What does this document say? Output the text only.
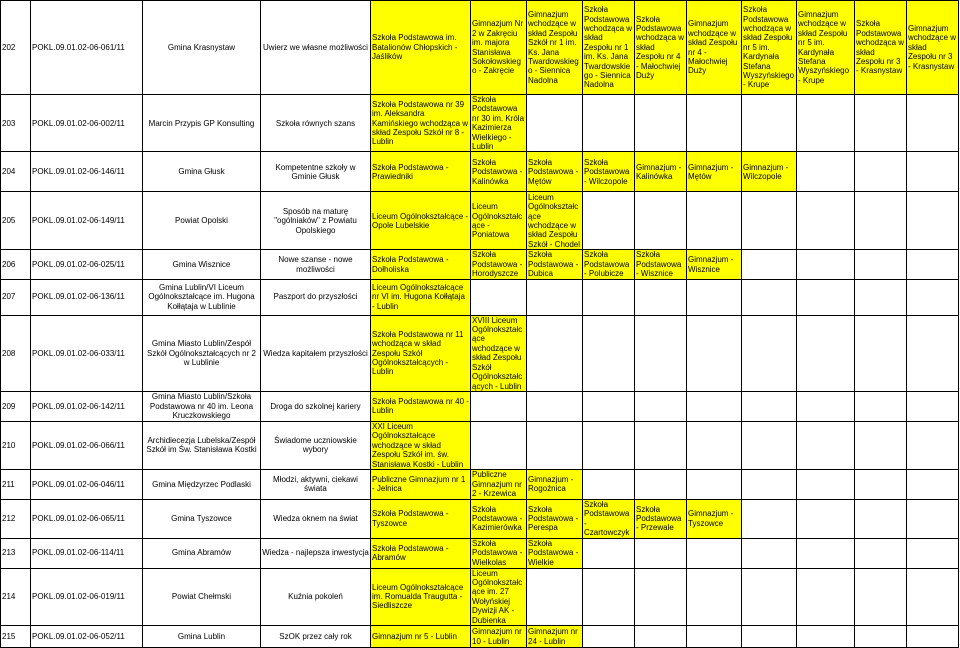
202	POKL.09.01.02-06-061/11	Gmina Krasnystaw	Uwierz we własne możliwości	Szkoła Podstawowa im. Batalionów Chłopskich - Jaślików	Gimnazjum Nr 2 w Zakręciu im. majora Stanisława Sokołowskiego - Zakręcie	Gimnazjum wchodzące w skład Zespołu Szkół nr 1 im. Ks. Jana Twardowskiego - Siennica Nadolna	Szkoła Podstawowa wchodząca w skład Zespołu nr 1 im. Ks. Jana Twardowskiego - Siennica Nadolna	Szkoła Podstawowa wchodząca w skład Zespołu nr 4 - Małochwiej Duży	Gimnazjum wchodzące w skład Zespołu nr 4 - Małochwiej Duży	Szkoła Podstawowa wchodząca w skład Zespołu nr 5 im. Kardynała Stefana Wyszyńskiego - Krupe	Gimnazjum wchodzące w skład Zespołu nr 5 im. Kardynała Stefana Wyszyńskiego - Krupe	Szkoła Podstawowa wchodząca w skład Zespołu nr 3 - Krasnystaw	Gimnazjum wchodzące w skład Zespołu nr 3 - Krasnystaw
203	POKL.09.01.02-06-002/11	Marcin Przypis GP Konsulting	Szkoła równych szans	Szkoła Podstawowa nr 39 im. Aleksandra Kamińskiego wchodząca w skład Zespołu Szkół nr 8 - Lublin	Szkoła Podstawowa nr 30 im. Króla Kazimierza Wielkiego - Lublin								
204	POKL.09.01.02-06-146/11	Gmina Głusk	Kompetentne szkoły w Gminie Głusk	Szkoła Podstawowa - Prawiedniki	Szkoła Podstawowa - Kalinówka	Szkoła Podstawowa - Mętów	Szkoła Podstawowa - Wilczopole	Gimnazjum - Kalinówka	Gimnazjum - Mętów	Gimnazjum - Wilczopole			
205	POKL.09.01.02-06-149/11	Powiat Opolski	Sposób na maturę "ogólniaków" z Powiatu Opolskiego	Liceum Ogólnokształcące - Opole Lubelskie	Liceum Ogólnokształcące - Poniatowa	Liceum Ogólnokształcące wchodzące w skład Zespołu Szkół - Chodel							
206	POKL.09.01.02-06-025/11	Gmina Wisznice	Nowe szanse - nowe możliwości	Szkoła Podstawowa - Dołholiska	Szkoła Podstawowa - Horodyszcze	Szkoła Podstawowa - Dubica	Szkoła Podstawowa - Polubicze	Szkoła Podstawowa - Wisznice	Gimnazjum - Wisznice				
207	POKL.09.01.02-06-136/11	Gmina Lublin/VI Liceum Ogólnokształcące im. Hugona Kołłątaja w Lublinie	Paszport do przyszłości	Liceum Ogólnokształcące nr VI im. Hugona Kołłątaja - Lublin									
208	POKL.09.01.02-06-033/11	Gmina Miasto Lublin/Zespół Szkół Ogólnokształcących nr 2 w Lublinie	Wiedza kapitałem przyszłości	Szkoła Podstawowa nr 11 wchodząca w skład Zespołu Szkół Ogólnokształcących - Lublin	XVIII Liceum Ogólnokształcące wchodzące w skład Zespołu Szkół Ogólnokształcących - Lublin								
209	POKL.09.01.02-06-142/11	Gmina Miasto Lublin/Szkoła Podstawowa nr 40 im. Leona Kruczkowskiego	Droga do szkolnej kariery	Szkoła Podstawowa nr 40 - Lublin									
210	POKL.09.01.02-06-066/11	Archidiecezja Lubelska/Zespół Szkół im Św. Stanisława Kostki	Świadome uczniowskie wybory	XXI Liceum Ogólnokształcące wchodzące w skład Zespołu Szkół im. św. Stanisława Kostki - Lublin									
211	POKL.09.01.02-06-046/11	Gmina Międzyrzec Podlaski	Młodzi, aktywni, ciekawi świata	Publiczne Gimnazjum nr 1 - Jelnica	Publiczne Gimnazjum nr 2 - Krzewica	Gimnazjum - Rogoźnica							
212	POKL.09.01.02-06-065/11	Gmina Tyszowce	Wiedza oknem na świat	Szkoła Podstawowa - Tyszowce	Szkoła Podstawowa - Kazimierówka	Szkoła Podstawowa - Perespa	Szkoła Podstawowa - Czartowczyk	Szkoła Podstawowa - Przewale	Gimnazjum - Tyszowce				
213	POKL.09.01.02-06-114/11	Gmina Abramów	Wiedza - najlepsza inwestycja	Szkoła Podstawowa - Abramów	Szkoła Podstawowa - Wielkolas	Szkoła Podstawowa - Wielkie							
214	POKL.09.01.02-06-019/11	Powiat Chełmski	Kuźnia pokoleń	Liceum Ogólnokształcące im. Romualda Traugutta - Siedliszcze	Liceum Ogólnokształcące im. 27 Wołyńskiej Dywizji AK - Dubienka								
215	POKL.09.01.02-06-052/11	Gmina Lublin	SzOK przez cały rok	Gimnazjum nr 5 - Lublin	Gimnazjum nr 10 - Lublin	Gimnazjum nr 24 - Lublin							
